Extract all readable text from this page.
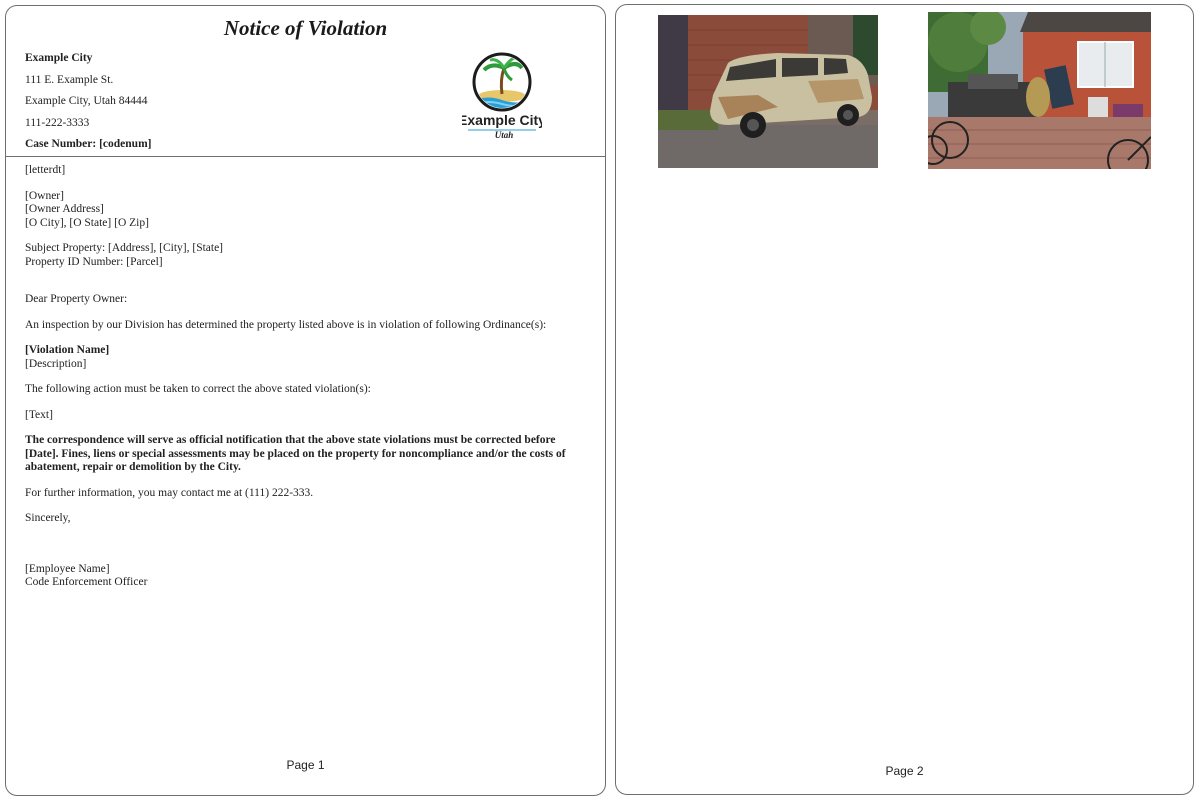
Notice of Violation
Example City
111 E. Example St.
Example City, Utah 84444
111-222-3333
Case Number: [codenum]
Example City
Utah

[letterdt]

[Owner]

[Owner Address]

[O City], [O State] [O Zip]

Subject Property: [Address], [City], [State]

Property ID Number: [Parcel]

Dear Property Owner:

An inspection by our Division has determined the property listed above is in violation of following Ordinance(s):

[Violation Name]

[Description]

The following action must be taken to correct the above stated violation(s):

[Text]

The correspondence will serve as official notification that the above state violations must be corrected before [Date]. Fines, liens or special assessments may be placed on the property for noncompliance and/or the costs of abatement, repair or demolition by the City.

For further information, you may contact me at (111) 222-333.

Sincerely,

[Employee Name]

Code Enforcement Officer

Page 1	Page 2
